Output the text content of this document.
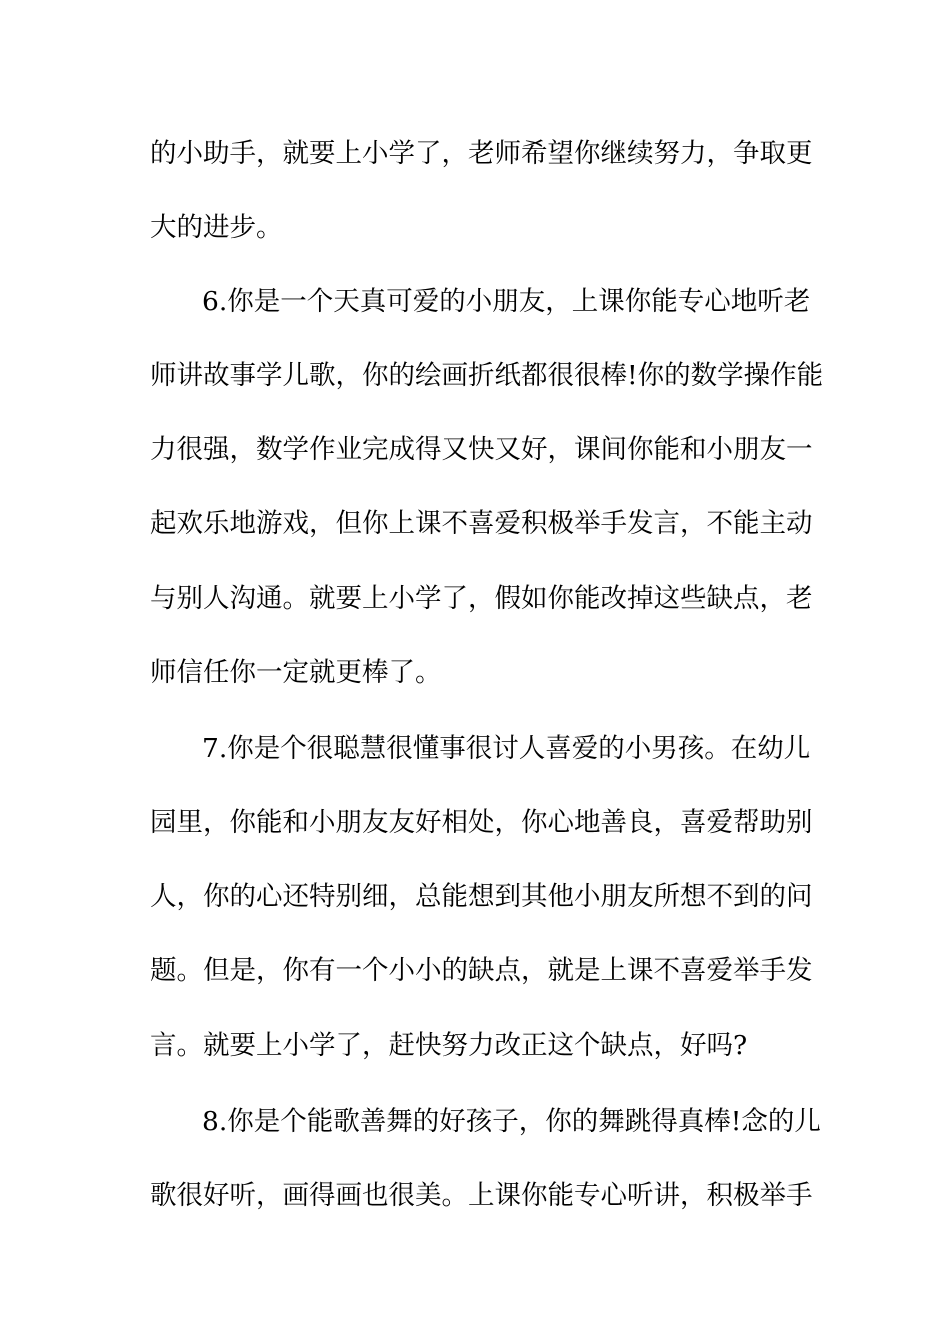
的小助手，就要上小学了，老师希望你继续努力，争取更
大的进步。
6.你是一个天真可爱的小朋友，上课你能专心地听老
师讲故事学儿歌，你的绘画折纸都很很棒!你的数学操作能
力很强，数学作业完成得又快又好，课间你能和小朋友一
起欢乐地游戏，但你上课不喜爱积极举手发言，不能主动
与别人沟通。就要上小学了，假如你能改掉这些缺点，老
师信任你一定就更棒了。
7.你是个很聪慧很懂事很讨人喜爱的小男孩。在幼儿
园里，你能和小朋友友好相处，你心地善良，喜爱帮助别
人，你的心还特别细，总能想到其他小朋友所想不到的问
题。但是，你有一个小小的缺点，就是上课不喜爱举手发
言。就要上小学了，赶快努力改正这个缺点，好吗?
8.你是个能歌善舞的好孩子，你的舞跳得真棒!念的儿
歌很好听，画得画也很美。上课你能专心听讲，积极举手
